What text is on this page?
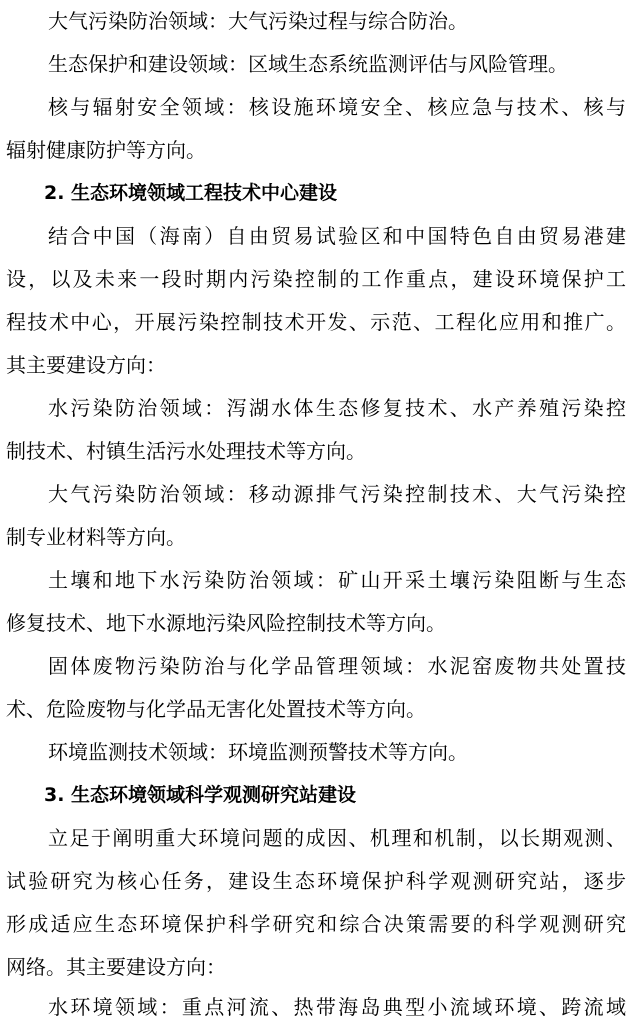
大气污染防治领域：大气污染过程与综合防治。
生态保护和建设领域：区域生态系统监测评估与风险管理。
核与辐射安全领域：核设施环境安全、核应急与技术、核与
辐射健康防护等方向。
2. 生态环境领域工程技术中心建设
结合中国（海南）自由贸易试验区和中国特色自由贸易港建
设，以及未来一段时期内污染控制的工作重点，建设环境保护工
程技术中心，开展污染控制技术开发、示范、工程化应用和推广。
其主要建设方向：
水污染防治领域：泻湖水体生态修复技术、水产养殖污染控
制技术、村镇生活污水处理技术等方向。
大气污染防治领域：移动源排气污染控制技术、大气污染控
制专业材料等方向。
土壤和地下水污染防治领域：矿山开采土壤污染阻断与生态
修复技术、地下水源地污染风险控制技术等方向。
固体废物污染防治与化学品管理领域：水泥窑废物共处置技
术、危险废物与化学品无害化处置技术等方向。
环境监测技术领域：环境监测预警技术等方向。
3. 生态环境领域科学观测研究站建设
立足于阐明重大环境问题的成因、机理和机制，以长期观测、
试验研究为核心任务，建设生态环境保护科学观测研究站，逐步
形成适应生态环境保护科学研究和综合决策需要的科学观测研究
网络。其主要建设方向：
水环境领域：重点河流、热带海岛典型小流域环境、跨流域
